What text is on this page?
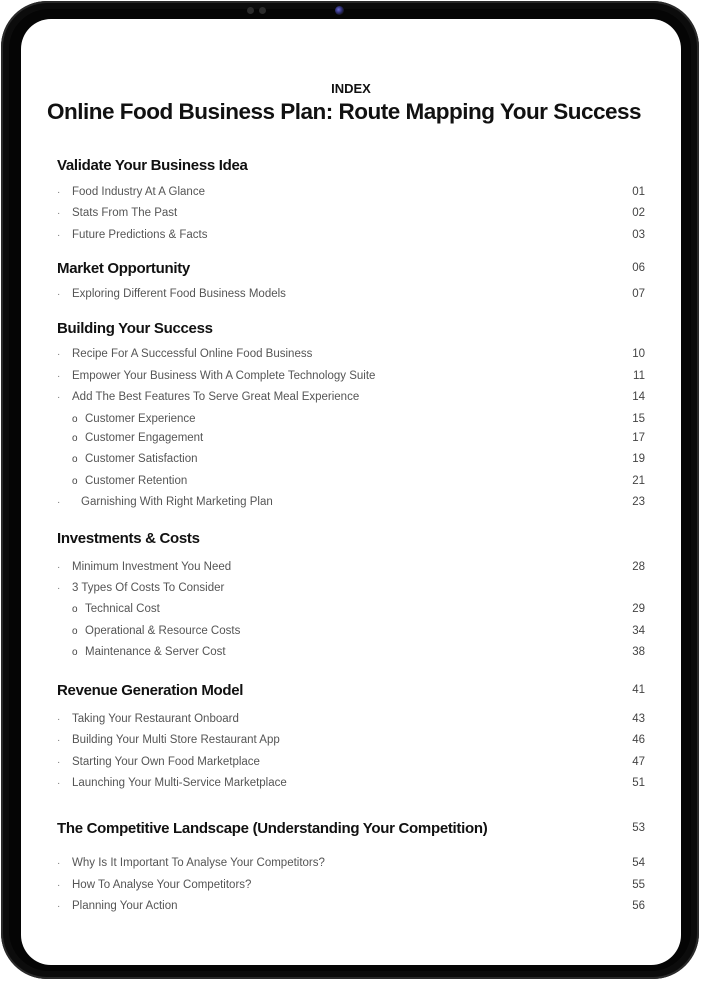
INDEX
Online Food Business Plan: Route Mapping Your Success
Validate Your Business Idea
·	Food Industry At A Glance	01
·	Stats From The Past	02
·	Future Predictions & Facts	03
Market Opportunity	06
·	Exploring Different Food Business Models	07
Building Your Success
·	Recipe For A Successful Online Food Business	10
·	Empower Your Business With A Complete Technology Suite	11
·	Add The Best Features To Serve Great Meal Experience	14
o Customer Experience	15
o Customer Engagement	17
o Customer Satisfaction	19
o Customer Retention	21
·	Garnishing With Right Marketing Plan	23
Investments & Costs
·	Minimum Investment You Need	28
·	3 Types Of Costs To Consider
o Technical Cost	29
o Operational & Resource Costs	34
o Maintenance & Server Cost	38
Revenue Generation Model	41
·	Taking Your Restaurant Onboard	43
·	Building Your Multi Store Restaurant App	46
·	Starting Your Own Food Marketplace	47
·	Launching Your Multi-Service Marketplace	51
The Competitive Landscape (Understanding Your Competition)	53
·	Why Is It Important To Analyse Your Competitors?	54
·	How To Analyse Your Competitors?	55
·	Planning Your Action	56
